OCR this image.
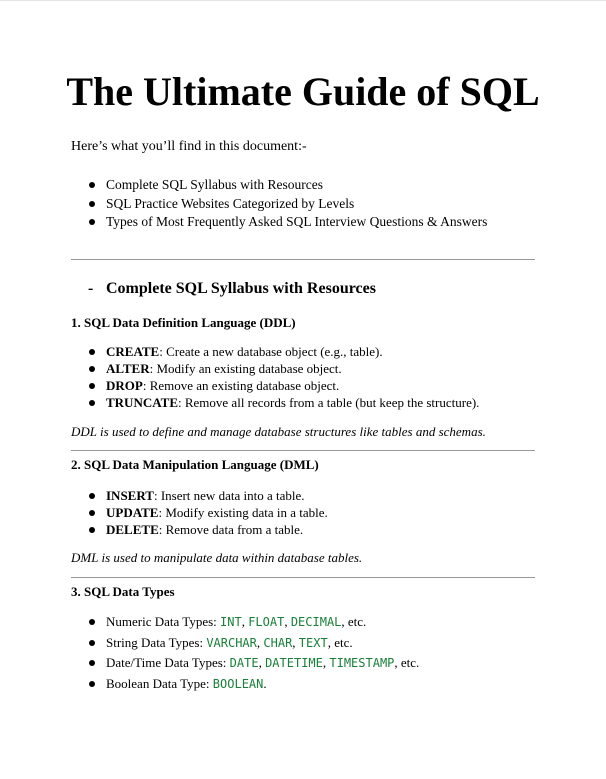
The Ultimate Guide of SQL

Here’s what you’ll find in this document:-

Complete SQL Syllabus with Resources
SQL Practice Websites Categorized by Levels
Types of Most Frequently Asked SQL Interview Questions & Answers

- Complete SQL Syllabus with Resources

1. SQL Data Definition Language (DDL)

CREATE: Create a new database object (e.g., table).
ALTER: Modify an existing database object.
DROP: Remove an existing database object.
TRUNCATE: Remove all records from a table (but keep the structure).

DDL is used to define and manage database structures like tables and schemas.

2. SQL Data Manipulation Language (DML)

INSERT: Insert new data into a table.
UPDATE: Modify existing data in a table.
DELETE: Remove data from a table.

DML is used to manipulate data within database tables.

3. SQL Data Types

Numeric Data Types: INT, FLOAT, DECIMAL, etc.
String Data Types: VARCHAR, CHAR, TEXT, etc.
Date/Time Data Types: DATE, DATETIME, TIMESTAMP, etc.
Boolean Data Type: BOOLEAN.
